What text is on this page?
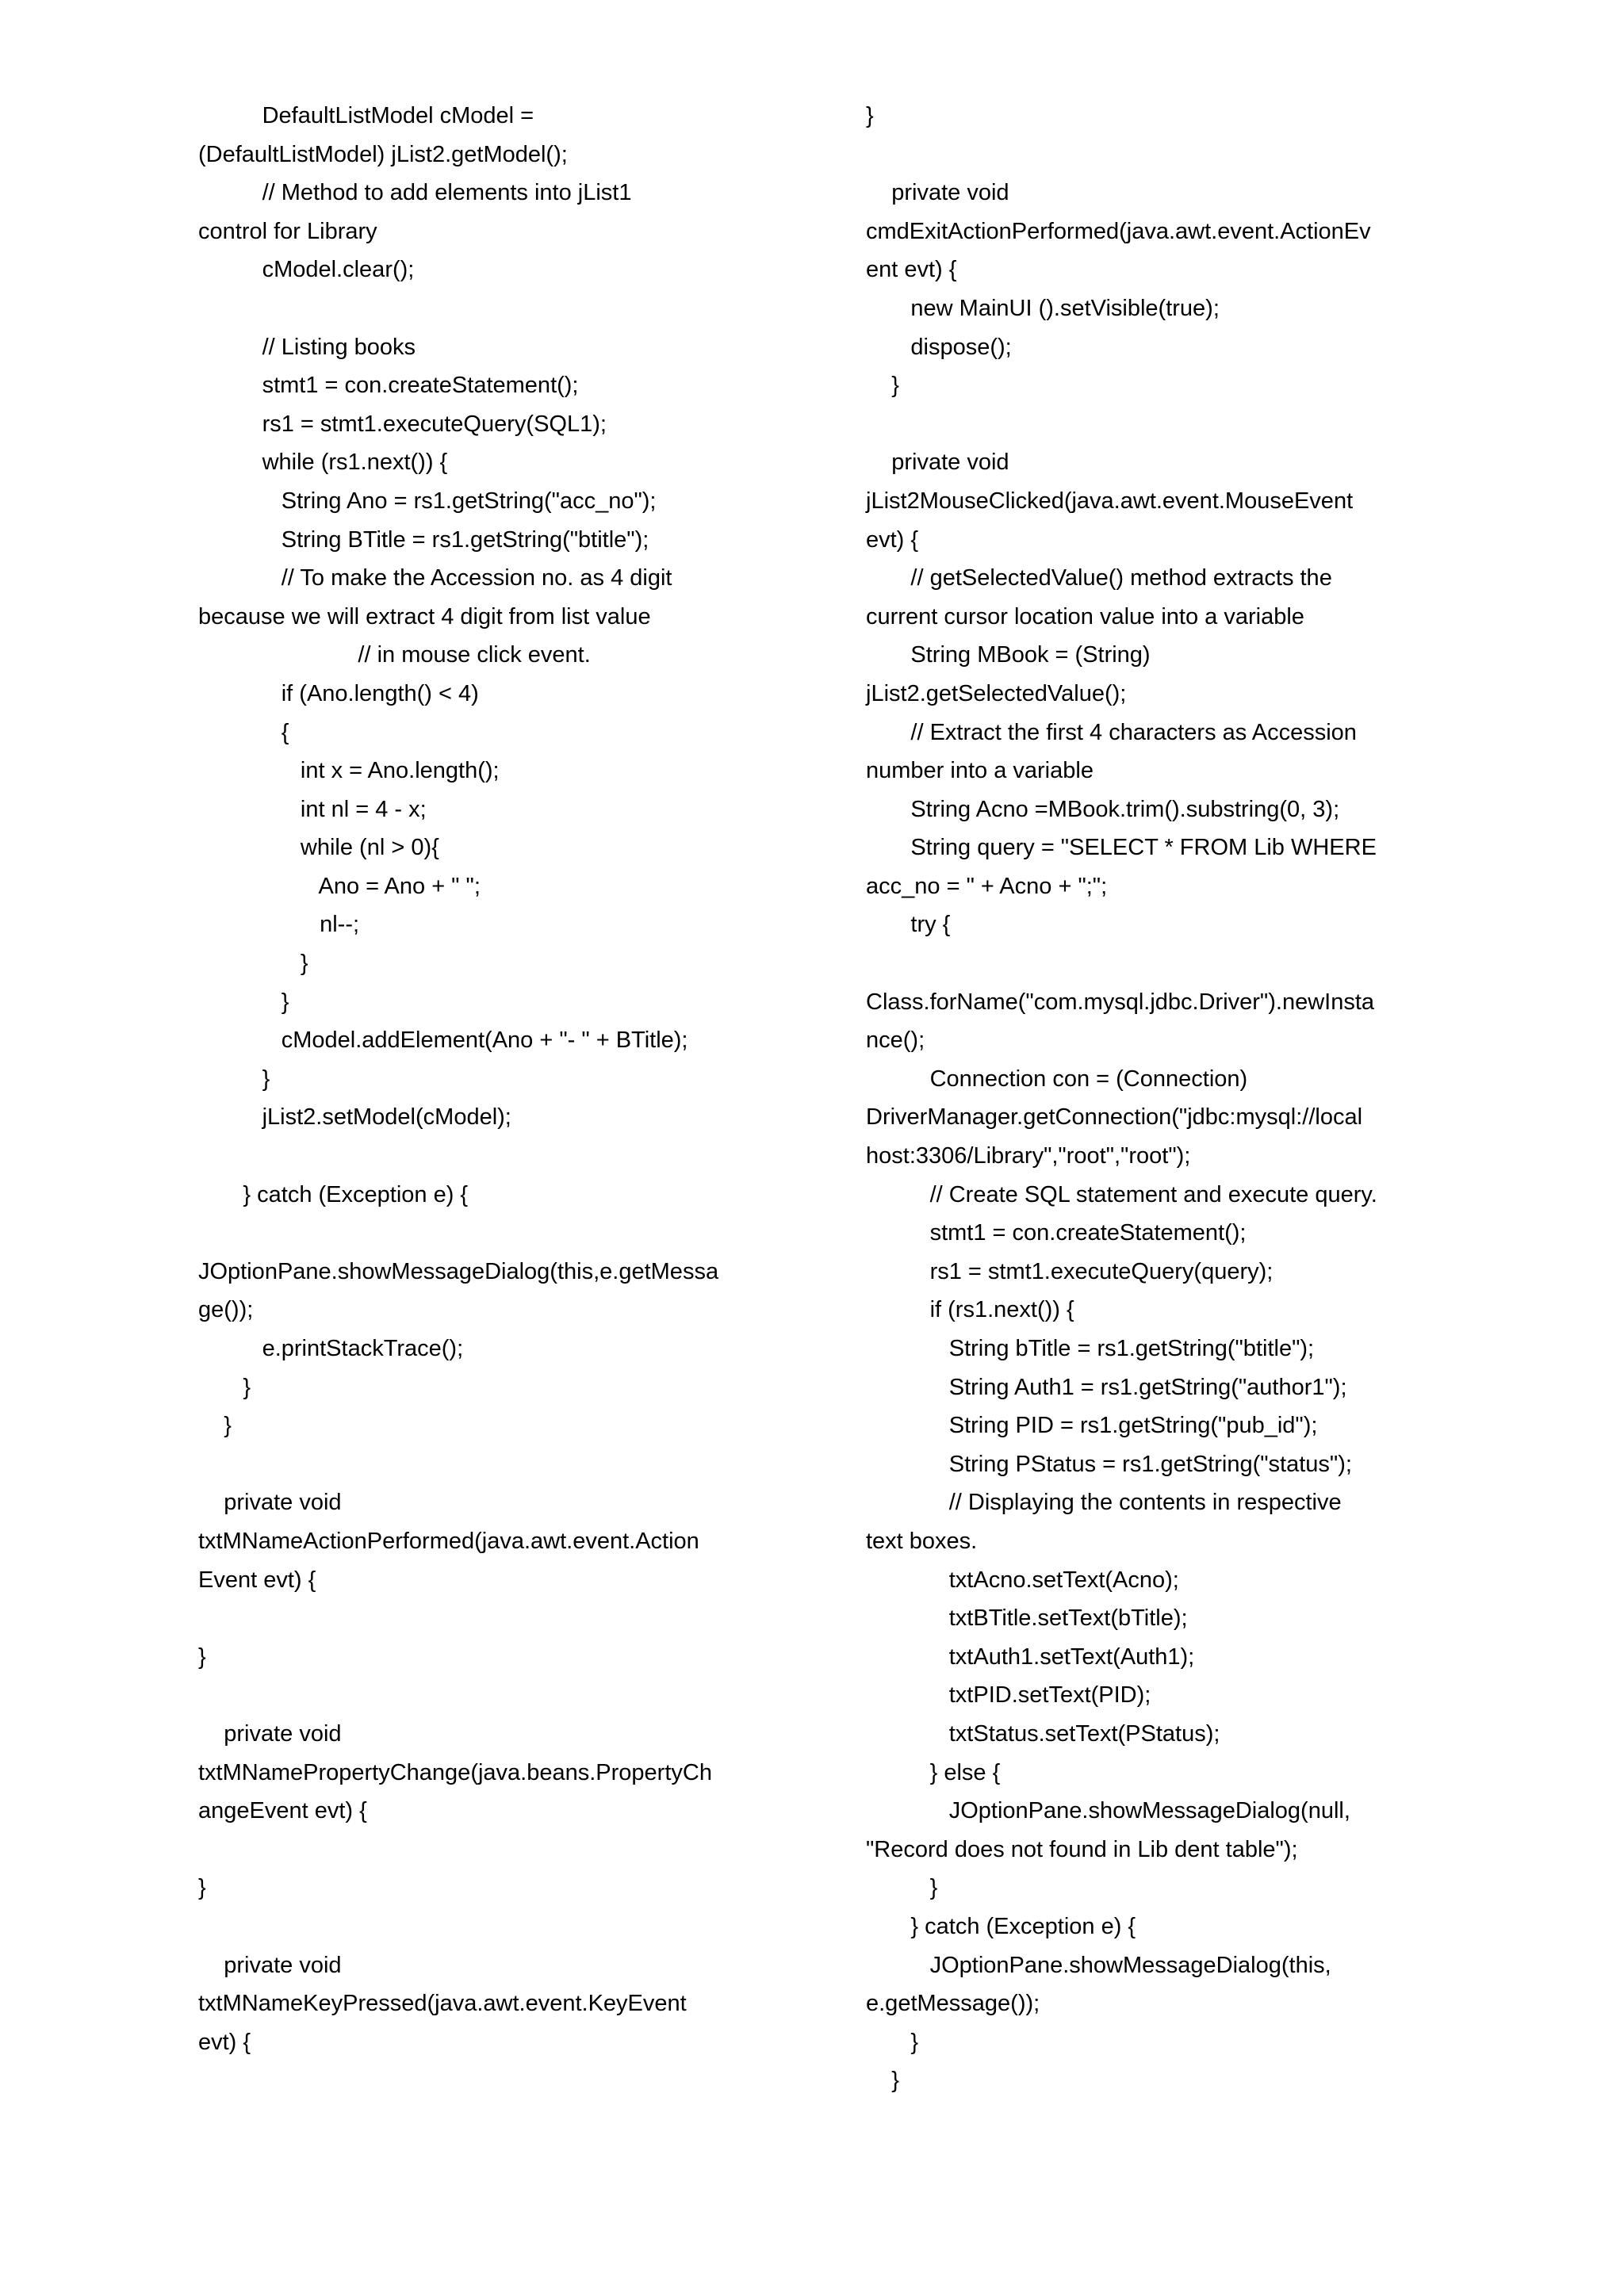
DefaultListModel cModel =
(DefaultListModel) jList2.getModel();
// Method to add elements into jList1
control for Library
cModel.clear();
// Listing books
stmt1 = con.createStatement();
rs1 = stmt1.executeQuery(SQL1);
while (rs1.next()) {
String Ano = rs1.getString("acc_no");
String BTitle = rs1.getString("btitle");
// To make the Accession no. as 4 digit
because we will extract 4 digit from list value
// in mouse click event.
if (Ano.length() < 4)
{
int x = Ano.length();
int nl = 4 - x;
while (nl > 0){
Ano = Ano + " ";
nl--;
}
}
cModel.addElement(Ano + "- " + BTitle);
}
jList2.setModel(cModel);
} catch (Exception e) {
JOptionPane.showMessageDialog(this,e.getMessa
ge());
e.printStackTrace();
}
}
private void
txtMNameActionPerformed(java.awt.event.Action
Event evt) {
}
private void
txtMNamePropertyChange(java.beans.PropertyCh
angeEvent evt) {
}
private void
txtMNameKeyPressed(java.awt.event.KeyEvent
evt) {
}
private void
cmdExitActionPerformed(java.awt.event.ActionEv
ent evt) {
new MainUI ().setVisible(true);
dispose();
}
private void
jList2MouseClicked(java.awt.event.MouseEvent
evt) {
// getSelectedValue() method extracts the
current cursor location value into a variable
String MBook = (String)
jList2.getSelectedValue();
// Extract the first 4 characters as Accession
number into a variable
String Acno =MBook.trim().substring(0, 3);
String query = "SELECT * FROM Lib WHERE
acc_no = " + Acno + ";";
try {
Class.forName("com.mysql.jdbc.Driver").newInsta
nce();
Connection con = (Connection)
DriverManager.getConnection("jdbc:mysql://local
host:3306/Library","root","root");
// Create SQL statement and execute query.
stmt1 = con.createStatement();
rs1 = stmt1.executeQuery(query);
if (rs1.next()) {
String bTitle = rs1.getString("btitle");
String Auth1 = rs1.getString("author1");
String PID = rs1.getString("pub_id");
String PStatus = rs1.getString("status");
// Displaying the contents in respective
text boxes.
txtAcno.setText(Acno);
txtBTitle.setText(bTitle);
txtAuth1.setText(Auth1);
txtPID.setText(PID);
txtStatus.setText(PStatus);
} else {
JOptionPane.showMessageDialog(null,
"Record does not found in Lib dent table");
}
} catch (Exception e) {
JOptionPane.showMessageDialog(this,
e.getMessage());
}
}
